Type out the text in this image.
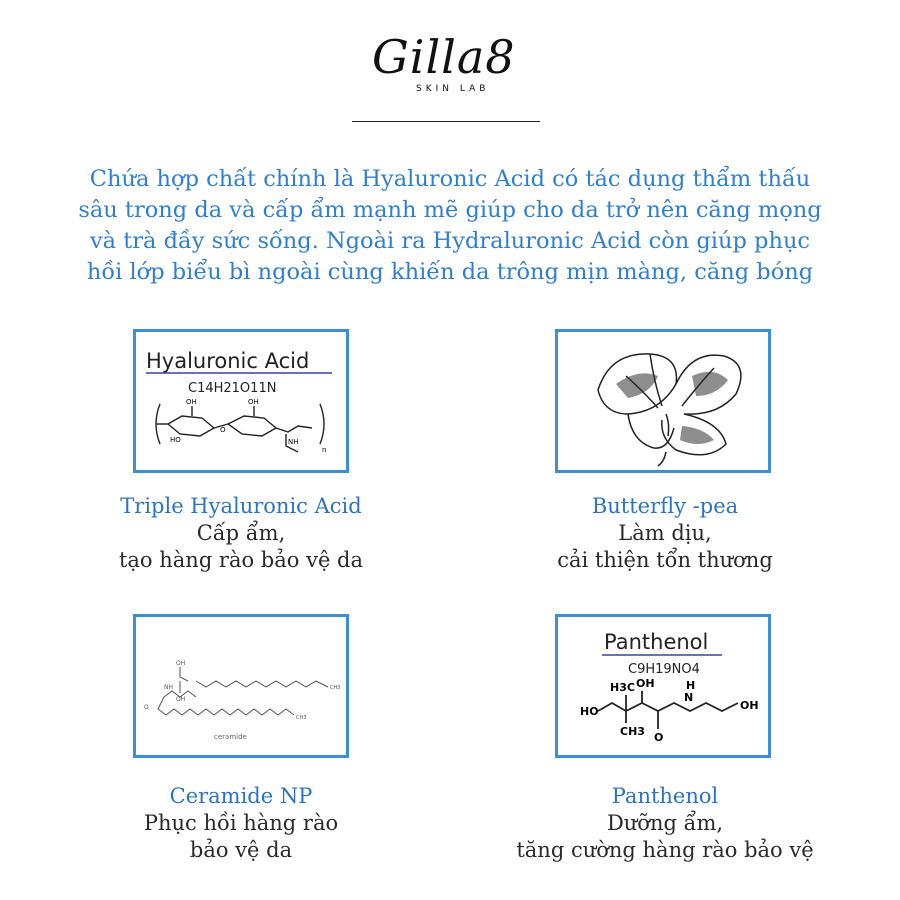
Gilla8
SKIN LAB
Chứa hợp chất chính là Hyaluronic Acid có tác dụng thẩm thấu
sâu trong da và cấp ẩm mạnh mẽ giúp cho da trở nên căng mọng
và trà đầy sức sống. Ngoài ra Hydraluronic Acid còn giúp phục
hồi lớp biểu bì ngoài cùng khiến da trông mịn màng, căng bóng
Hyaluronic Acid
C14H21O11N
OH	OH
O
HO	NH
n
Triple Hyaluronic Acid
Cấp ẩm,
tạo hàng rào bảo vệ da
Butterfly -pea
Làm dịu,
cải thiện tổn thương
OH
OH
NH	CH3
CH3
O
ceramide
Ceramide NP
Phục hồi hàng rào
bảo vệ da
Panthenol
C9H19NO4
HO
H3C
CH3
OH
O
H
N
OH
Panthenol
Dưỡng ẩm,
tăng cường hàng rào bảo vệ
